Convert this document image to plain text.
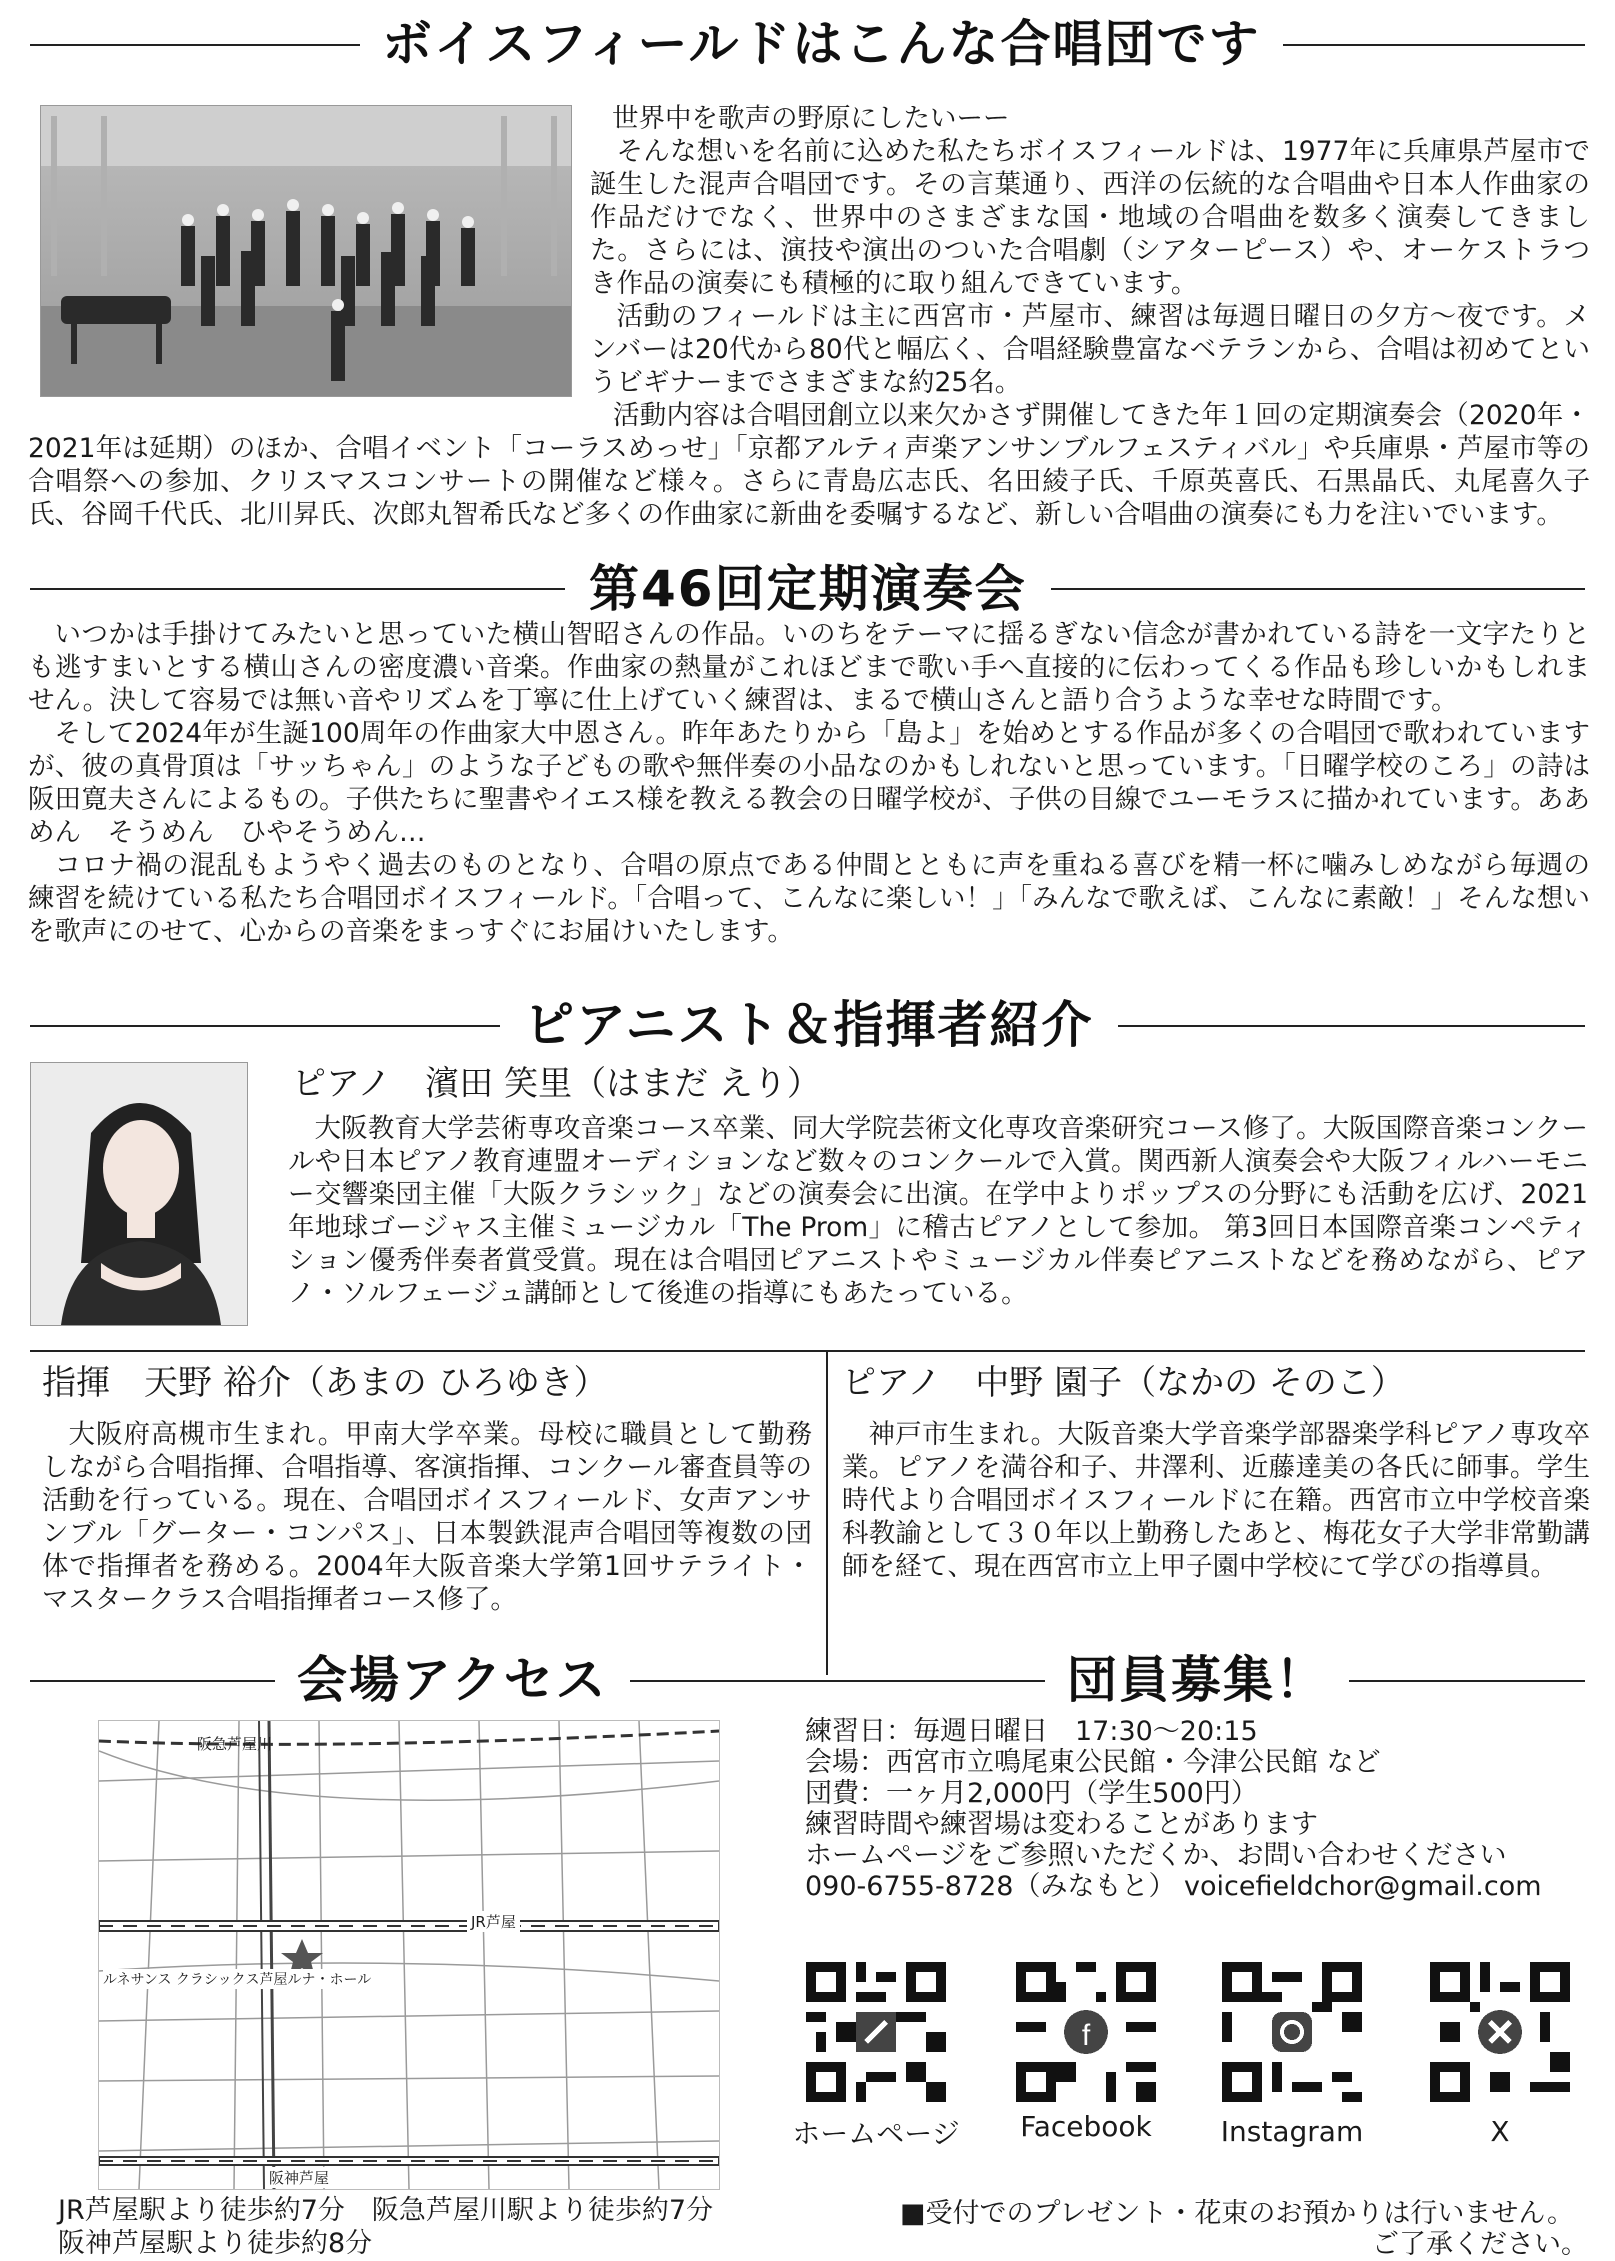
ボイスフィールドはこんな合唱団です
世界中を歌声の野原にしたいーー

そんな想いを名前に込めた私たちボイスフィールドは、1977年に兵庫県芦屋市で誕生した混声合唱団です。その言葉通り、西洋の伝統的な合唱曲や日本人作曲家の作品だけでなく、世界中のさまざまな国・地域の合唱曲を数多く演奏してきました。さらには、演技や演出のついた合唱劇（シアターピース）や、オーケストラつき作品の演奏にも積極的に取り組んできています。

活動のフィールドは主に西宮市・芦屋市、練習は毎週日曜日の夕方〜夜です。メンバーは20代から80代と幅広く、合唱経験豊富なベテランから、合唱は初めてというビギナーまでさまざまな約25名。

活動内容は合唱団創立以来欠かさず開催してきた年１回の定期演奏会（2020年・2021年は延期）のほか、合唱イベント「コーラスめっせ」「京都アルティ声楽アンサンブルフェスティバル」や兵庫県・芦屋市等の合唱祭への参加、クリスマスコンサートの開催など様々。さらに青島広志氏、名田綾子氏、千原英喜氏、石黒晶氏、丸尾喜久子氏、谷岡千代氏、北川昇氏、次郎丸智希氏など多くの作曲家に新曲を委嘱するなど、新しい合唱曲の演奏にも力を注いでいます。

第46回定期演奏会

いつかは手掛けてみたいと思っていた横山智昭さんの作品。いのちをテーマに揺るぎない信念が書かれている詩を一文字たりとも逃すまいとする横山さんの密度濃い音楽。作曲家の熱量がこれほどまで歌い手へ直接的に伝わってくる作品も珍しいかもしれません。決して容易では無い音やリズムを丁寧に仕上げていく練習は、まるで横山さんと語り合うような幸せな時間です。

そして2024年が生誕100周年の作曲家大中恩さん。昨年あたりから「島よ」を始めとする作品が多くの合唱団で歌われていますが、彼の真骨頂は「サッちゃん」のような子どもの歌や無伴奏の小品なのかもしれないと思っています。「日曜学校のころ」の詩は阪田寛夫さんによるもの。子供たちに聖書やイエス様を教える教会の日曜学校が、子供の目線でユーモラスに描かれています。ああめん　そうめん　ひやそうめん…

コロナ禍の混乱もようやく過去のものとなり、合唱の原点である仲間とともに声を重ねる喜びを精一杯に噛みしめながら毎週の練習を続けている私たち合唱団ボイスフィールド。「合唱って、こんなに楽しい！」「みんなで歌えば、こんなに素敵！」そんな想いを歌声にのせて、心からの音楽をまっすぐにお届けいたします。

ピアニスト＆指揮者紹介
ピアノ　濱田 笑里（はまだ えり）

大阪教育大学芸術専攻音楽コース卒業、同大学院芸術文化専攻音楽研究コース修了。大阪国際音楽コンクールや日本ピアノ教育連盟オーディションなど数々のコンクールで入賞。関西新人演奏会や大阪フィルハーモニー交響楽団主催「大阪クラシック」などの演奏会に出演。在学中よりポップスの分野にも活動を広げ、2021年地球ゴージャス主催ミュージカル「The Prom」に稽古ピアノとして参加。 第3回日本国際音楽コンペティション優秀伴奏者賞受賞。現在は合唱団ピアニストやミュージカル伴奏ピアニストなどを務めながら、ピアノ・ソルフェージュ講師として後進の指導にもあたっている。

指揮　天野 裕介（あまの ひろゆき）

大阪府高槻市生まれ。甲南大学卒業。母校に職員として勤務しながら合唱指揮、合唱指導、客演指揮、コンクール審査員等の活動を行っている。現在、合唱団ボイスフィールド、女声アンサンブル「グーター・コンパス」、日本製鉄混声合唱団等複数の団体で指揮者を務める。2004年大阪音楽大学第1回サテライト・マスタークラス合唱指揮者コース修了。

ピアノ　中野 園子（なかの そのこ）

神戸市生まれ。大阪音楽大学音楽学部器楽学科ピアノ専攻卒業。ピアノを満谷和子、井澤利、近藤達美の各氏に師事。学生時代より合唱団ボイスフィールドに在籍。西宮市立中学校音楽科教諭として３０年以上勤務したあと、梅花女子大学非常勤講師を経て、現在西宮市立上甲子園中学校にて学びの指導員。

会場アクセス	団員募集！
阪急芦屋川
JR芦屋
ルネサンス クラシックス芦屋ルナ・ホール
阪神芦屋
JR芦屋駅より徒歩約7分　阪急芦屋川駅より徒歩約7分
阪神芦屋駅より徒歩約8分
練習日：毎週日曜日　17:30〜20:15
会場：西宮市立鳴尾東公民館・今津公民館 など
団費：一ヶ月2,000円（学生500円）
練習時間や練習場は変わることがあります
ホームページをご参照いただくか、お問い合わせください
090-6755-8728（みなもと） voicefieldchor@gmail.com
ホームページ
f
Facebook	Instagram	X
■受付でのプレゼント・花束のお預かりは行いません。
ご了承ください。
